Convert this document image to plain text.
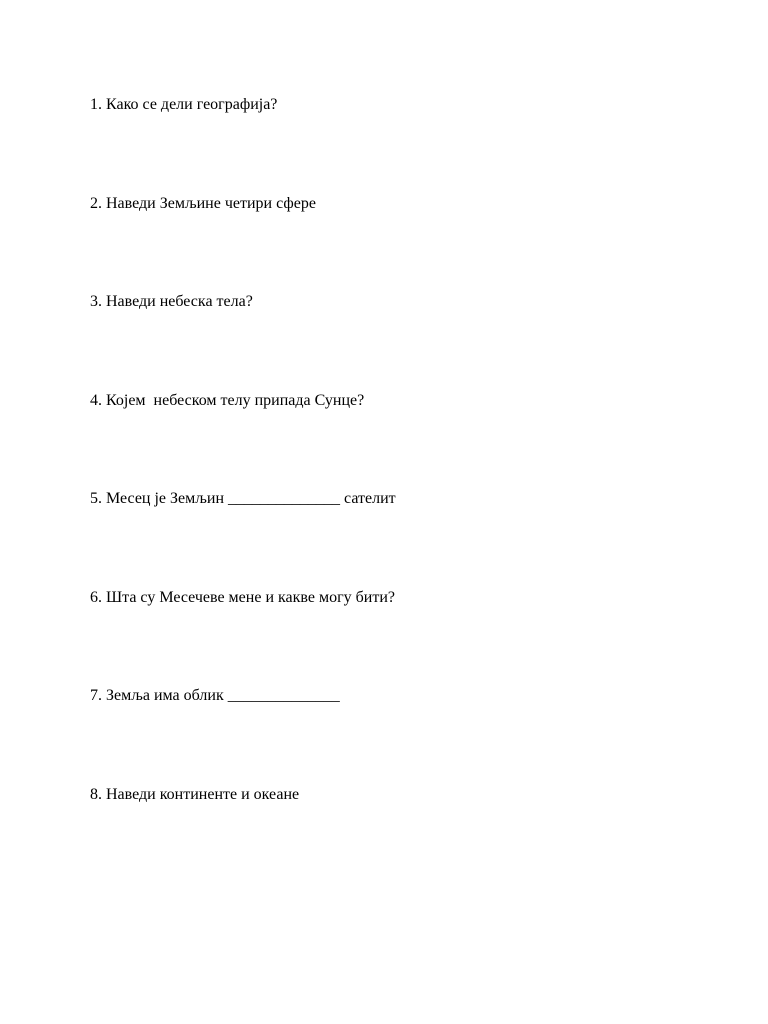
1. Како се дели географија?

2. Наведи Земљине четири сфере

3. Наведи небеска тела?

4. Којем  небеском телу припада Сунце?

5. Месец је Земљин ______________ сателит

6. Шта су Месечеве мене и какве могу бити?

7. Земља има облик ______________

8. Наведи континенте и океане
